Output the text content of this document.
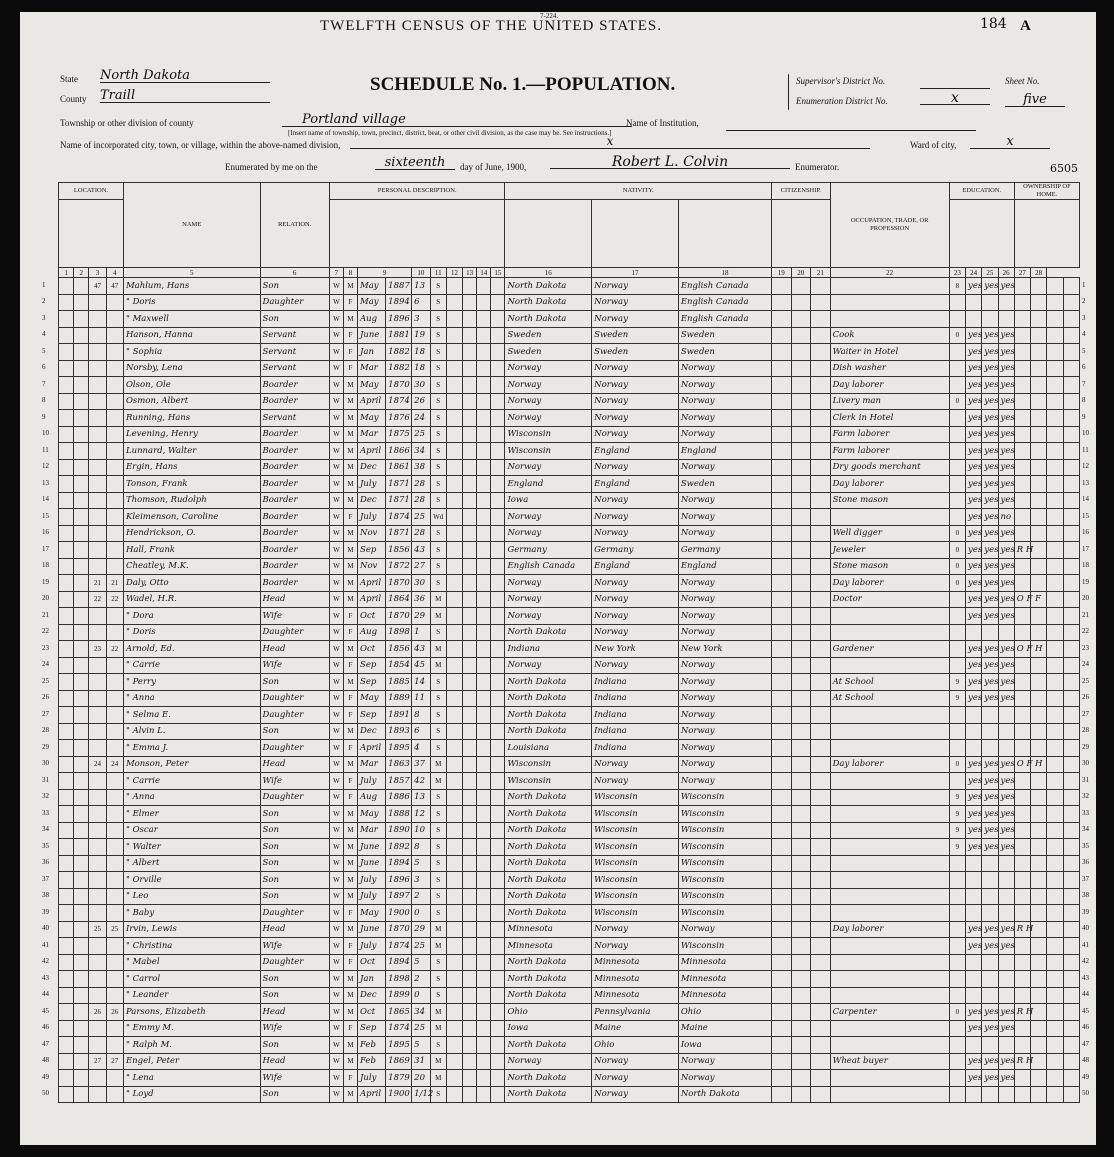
7-224.
TWELFTH CENSUS OF THE UNITED STATES.	184 A
SCHEDULE No. 1.—POPULATION.
State North Dakota
County Traill
Township or other division of county	Portland village
[Insert name of township, town, precinct, district, beat, or other civil division, as the case may be. See instructions.]
Name of Institution,
Name of incorporated city, town, or village, within the above-named division,	x	Ward of city,	x
Enumerated by me on the	sixteenth	day of June, 1900,	Robert L. Colvin	Enumerator.	6505
Supervisor's District No.
Enumeration District No.	x
Sheet No.
five
LOCATION.				NAME	RELATION.	PERSONAL DESCRIPTION.										NATIVITY.			CITIZENSHIP.			OCCUPATION, TRADE, OR PROFESSION	EDUCATION.				OWNERSHIP OF HOME.			

1	2	3	4	5	6	7	8	9		10	11	12	13	14	15	16	17	18	19	20	21	22	23	24	25	26	27	28		
		47	47	Mahlum, Hans	Son	W	M	May	1887	13	S					North Dakota	Norway	English Canada					8	yes	yes	yes				
				" Doris	Daughter	W	F	May	1894	6	S					North Dakota	Norway	English Canada												
				" Maxwell	Son	W	M	Aug	1896	3	S					North Dakota	Norway	English Canada												
				Hanson, Hanna	Servant	W	F	June	1881	19	S					Sweden	Sweden	Sweden				Cook	0	yes	yes	yes				
				" Sophia	Servant	W	F	Jan	1882	18	S					Sweden	Sweden	Sweden				Waiter in Hotel		yes	yes	yes				
				Norsby, Lena	Servant	W	F	Mar	1882	18	S					Norway	Norway	Norway				Dish washer		yes	yes	yes				
				Olson, Ole	Boarder	W	M	May	1870	30	S					Norway	Norway	Norway				Day laborer		yes	yes	yes				
				Osmon, Albert	Boarder	W	M	April	1874	26	S					Norway	Norway	Norway				Livery man	0	yes	yes	yes				
				Running, Hans	Servant	W	M	May	1876	24	S					Norway	Norway	Norway				Clerk in Hotel		yes	yes	yes				
				Levening, Henry	Boarder	W	M	Mar	1875	25	S					Wisconsin	Norway	Norway				Farm laborer		yes	yes	yes				
				Lunnard, Walter	Boarder	W	M	April	1866	34	S					Wisconsin	England	England				Farm laborer		yes	yes	yes				
				Ergin, Hans	Boarder	W	M	Dec	1861	38	S					Norway	Norway	Norway				Dry goods merchant		yes	yes	yes				
				Tonson, Frank	Boarder	W	M	July	1871	28	S					England	England	Sweden				Day laborer		yes	yes	yes				
				Thomson, Rudolph	Boarder	W	M	Dec	1871	28	S					Iowa	Norway	Norway				Stone mason		yes	yes	yes				
				Kleimenson, Caroline	Boarder	W	F	July	1874	25	Wd					Norway	Norway	Norway						yes	yes	no				
				Hendrickson, O.	Boarder	W	M	Nov	1871	28	S					Norway	Norway	Norway				Well digger	0	yes	yes	yes				
				Hall, Frank	Boarder	W	M	Sep	1856	43	S					Germany	Germany	Germany				Jeweler	0	yes	yes	yes	R H			
				Cheatley, M.K.	Boarder	W	M	Nov	1872	27	S					English Canada	England	England				Stone mason	0	yes	yes	yes				
		21	21	Daly, Otto	Boarder	W	M	April	1870	30	S					Norway	Norway	Norway				Day laborer	0	yes	yes	yes				
		22	22	Wadel, H.R.	Head	W	M	April	1864	36	M					Norway	Norway	Norway				Doctor		yes	yes	yes	O F F			
				" Dora	Wife	W	F	Oct	1870	29	M					Norway	Norway	Norway						yes	yes	yes				
				" Doris	Daughter	W	F	Aug	1898	1	S					North Dakota	Norway	Norway												
		23	22	Arnold, Ed.	Head	W	M	Oct	1856	43	M					Indiana	New York	New York				Gardener		yes	yes	yes	O F H			
				" Carrie	Wife	W	F	Sep	1854	45	M					Norway	Norway	Norway						yes	yes	yes				
				" Perry	Son	W	M	Sep	1885	14	S					North Dakota	Indiana	Norway				At School	9	yes	yes	yes				
				" Anna	Daughter	W	F	May	1889	11	S					North Dakota	Indiana	Norway				At School	9	yes	yes	yes				
				" Selma E.	Daughter	W	F	Sep	1891	8	S					North Dakota	Indiana	Norway												
				" Alvin L.	Son	W	M	Dec	1893	6	S					North Dakota	Indiana	Norway												
				" Emma J.	Daughter	W	F	April	1895	4	S					Louisiana	Indiana	Norway												
		24	24	Monson, Peter	Head	W	M	Mar	1863	37	M					Wisconsin	Norway	Norway				Day laborer	0	yes	yes	yes	O F H			
				" Carrie	Wife	W	F	July	1857	42	M					Wisconsin	Norway	Norway						yes	yes	yes				
				" Anna	Daughter	W	F	Aug	1886	13	S					North Dakota	Wisconsin	Wisconsin					9	yes	yes	yes				
				" Elmer	Son	W	M	May	1888	12	S					North Dakota	Wisconsin	Wisconsin					9	yes	yes	yes				
				" Oscar	Son	W	M	Mar	1890	10	S					North Dakota	Wisconsin	Wisconsin					9	yes	yes	yes				
				" Walter	Son	W	M	June	1892	8	S					North Dakota	Wisconsin	Wisconsin					9	yes	yes	yes				
				" Albert	Son	W	M	June	1894	5	S					North Dakota	Wisconsin	Wisconsin												
				" Orville	Son	W	M	July	1896	3	S					North Dakota	Wisconsin	Wisconsin												
				" Leo	Son	W	M	July	1897	2	S					North Dakota	Wisconsin	Wisconsin												
				" Baby	Daughter	W	F	May	1900	0	S					North Dakota	Wisconsin	Wisconsin												
		25	25	Irvin, Lewis	Head	W	M	June	1870	29	M					Minnesota	Norway	Norway				Day laborer		yes	yes	yes	R H			
				" Christina	Wife	W	F	July	1874	25	M					Minnesota	Norway	Wisconsin						yes	yes	yes				
				" Mabel	Daughter	W	F	Oct	1894	5	S					North Dakota	Minnesota	Minnesota												
				" Carrol	Son	W	M	Jan	1898	2	S					North Dakota	Minnesota	Minnesota												
				" Leander	Son	W	M	Dec	1899	0	S					North Dakota	Minnesota	Minnesota												
		26	26	Parsons, Elizabeth	Head	W	M	Oct	1865	34	M					Ohio	Pennsylvania	Ohio				Carpenter	0	yes	yes	yes	R H			
				" Emmy M.	Wife	W	F	Sep	1874	25	M					Iowa	Maine	Maine						yes	yes	yes				
				" Ralph M.	Son	W	M	Feb	1895	5	S					North Dakota	Ohio	Iowa												
		27	27	Engel, Peter	Head	W	M	Feb	1869	31	M					Norway	Norway	Norway				Wheat buyer		yes	yes	yes	R H			
				" Lena	Wife	W	F	July	1879	20	M					North Dakota	Norway	Norway						yes	yes	yes				
				" Loyd	Son	W	M	April	1900	1/12	S					North Dakota	Norway	North Dakota												
1	1
2	2
3	3
4	4
5	5
6	6
7	7
8	8
9	9
10	10
11	11
12	12
13	13
14	14
15	15
16	16
17	17
18	18
19	19
20	20
21	21
22	22
23	23
24	24
25	25
26	26
27	27
28	28
29	29
30	30
31	31
32	32
33	33
34	34
35	35
36	36
37	37
38	38
39	39
40	40
41	41
42	42
43	43
44	44
45	45
46	46
47	47
48	48
49	49
50	50
